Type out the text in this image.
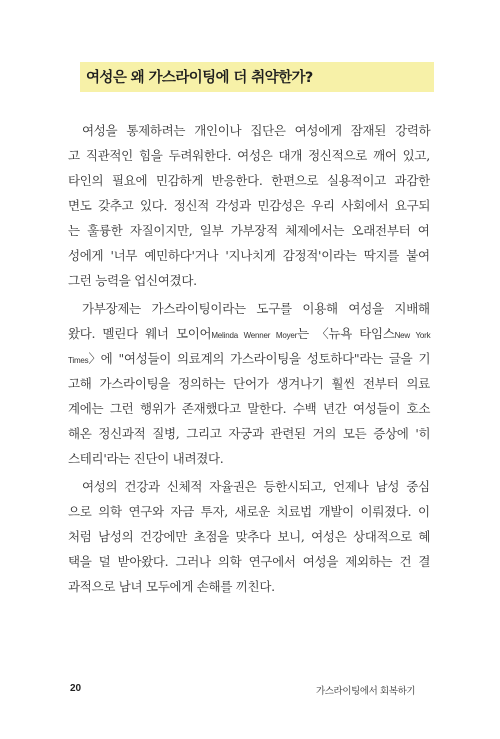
여성은 왜 가스라이팅에 더 취약한가?
여성을 통제하려는 개인이나 집단은 여성에게 잠재된 강력하
고 직관적인 힘을 두려워한다. 여성은 대개 정신적으로 깨어 있고,
타인의 필요에 민감하게 반응한다. 한편으로 실용적이고 과감한
면도 갖추고 있다. 정신적 각성과 민감성은 우리 사회에서 요구되
는 훌륭한 자질이지만, 일부 가부장적 체제에서는 오래전부터 여
성에게 '너무 예민하다'거나 '지나치게 감정적'이라는 딱지를 붙여
그런 능력을 업신여겼다.
가부장제는 가스라이팅이라는 도구를 이용해 여성을 지배해
왔다. 멜린다 웨너 모이어Melinda Wenner Moyer는 〈뉴욕 타임스New York
Times〉에 "여성들이 의료계의 가스라이팅을 성토하다"라는 글을 기
고해 가스라이팅을 정의하는 단어가 생겨나기 훨씬 전부터 의료
계에는 그런 행위가 존재했다고 말한다. 수백 년간 여성들이 호소
해온 정신과적 질병, 그리고 자궁과 관련된 거의 모든 증상에 '히
스테리'라는 진단이 내려졌다.
여성의 건강과 신체적 자율권은 등한시되고, 언제나 남성 중심
으로 의학 연구와 자금 투자, 새로운 치료법 개발이 이뤄졌다. 이
처럼 남성의 건강에만 초점을 맞추다 보니, 여성은 상대적으로 혜
택을 덜 받아왔다. 그러나 의학 연구에서 여성을 제외하는 건 결
과적으로 남녀 모두에게 손해를 끼친다.
20	가스라이팅에서 회복하기
